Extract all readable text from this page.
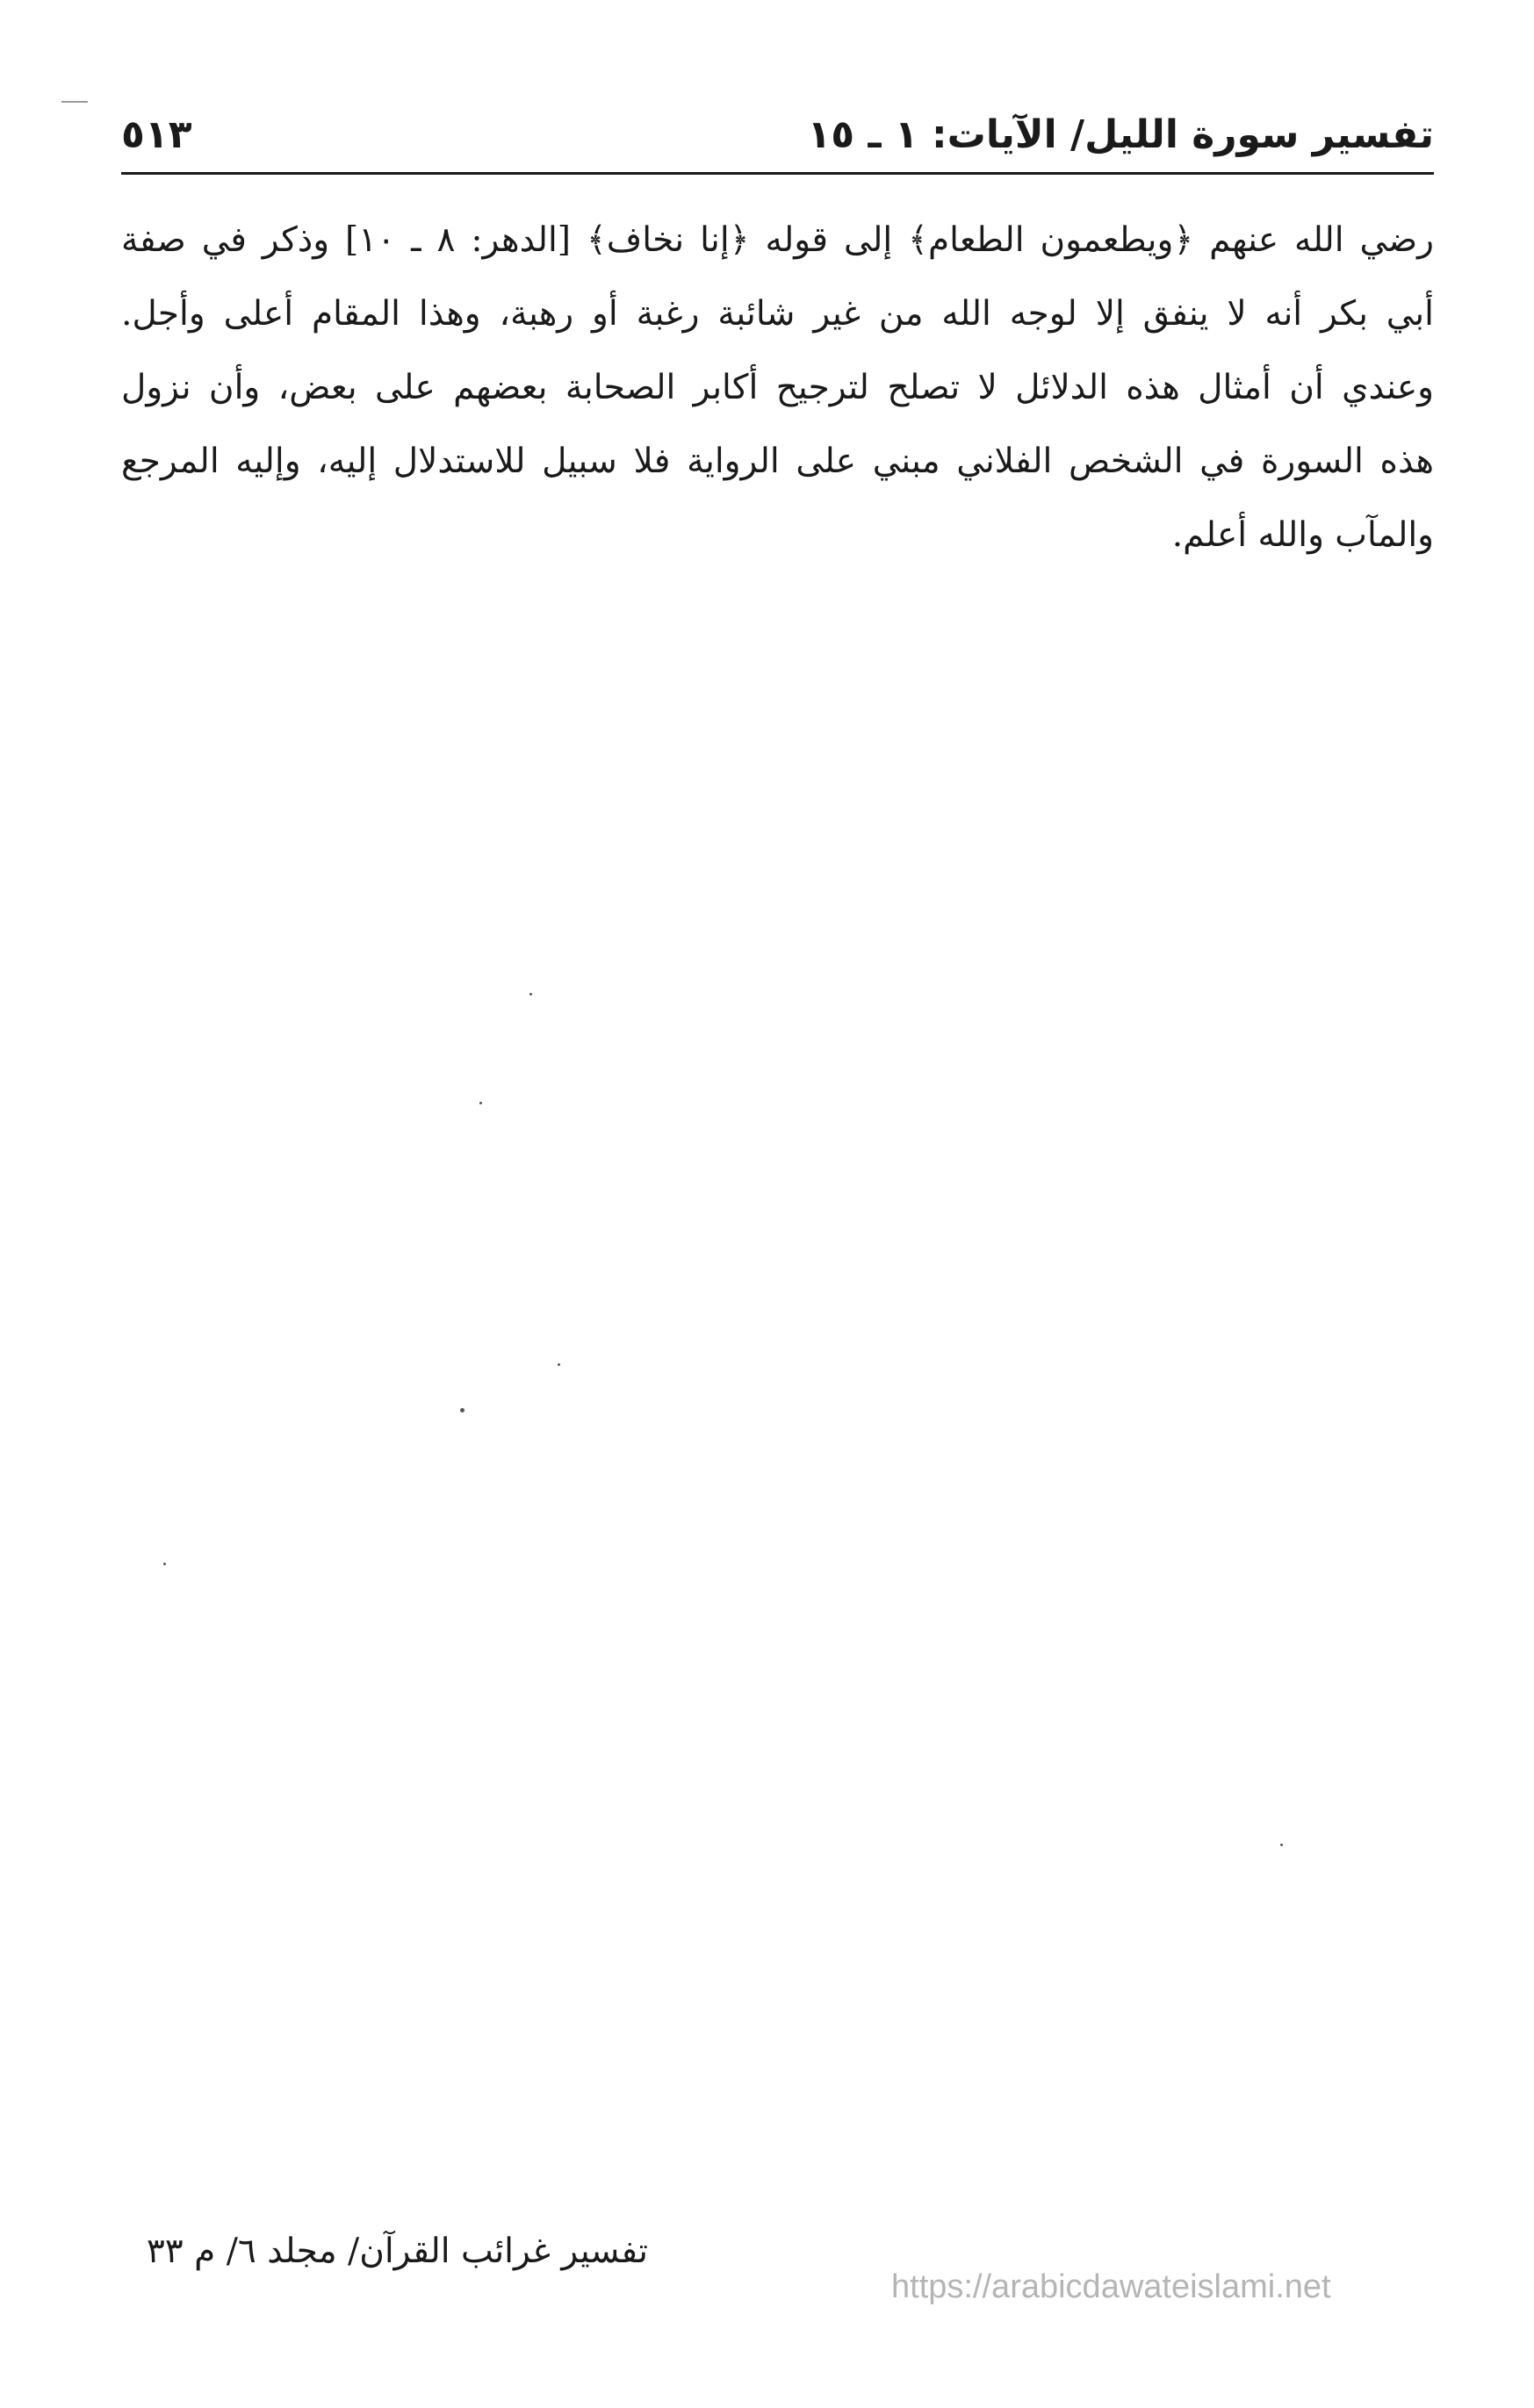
تفسير سورة الليل/ الآيات: ١ ـ ١٥
٥١٣
رضي الله عنهم ﴿ويطعمون الطعام﴾ إلى قوله ﴿إنا نخاف﴾ [الدهر: ٨ ـ ١٠] وذكر في صفة
أبي بكر أنه لا ينفق إلا لوجه الله من غير شائبة رغبة أو رهبة، وهذا المقام أعلى وأجل.
وعندي أن أمثال هذه الدلائل لا تصلح لترجيح أكابر الصحابة بعضهم على بعض، وأن نزول
هذه السورة في الشخص الفلاني مبني على الرواية فلا سبيل للاستدلال إليه، وإليه المرجع
والمآب والله أعلم.
تفسير غرائب القرآن/ مجلد ٦/ م ٣٣
https://arabicdawateislami.net
